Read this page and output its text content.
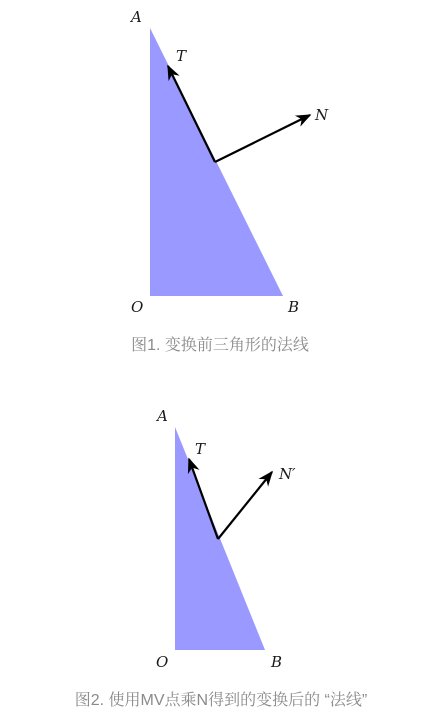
A
T
N
O	B
图1. 变换前三角形的法线
A
T
N′
O	B
图2. 使用MV点乘N得到的变换后的 “法线”
